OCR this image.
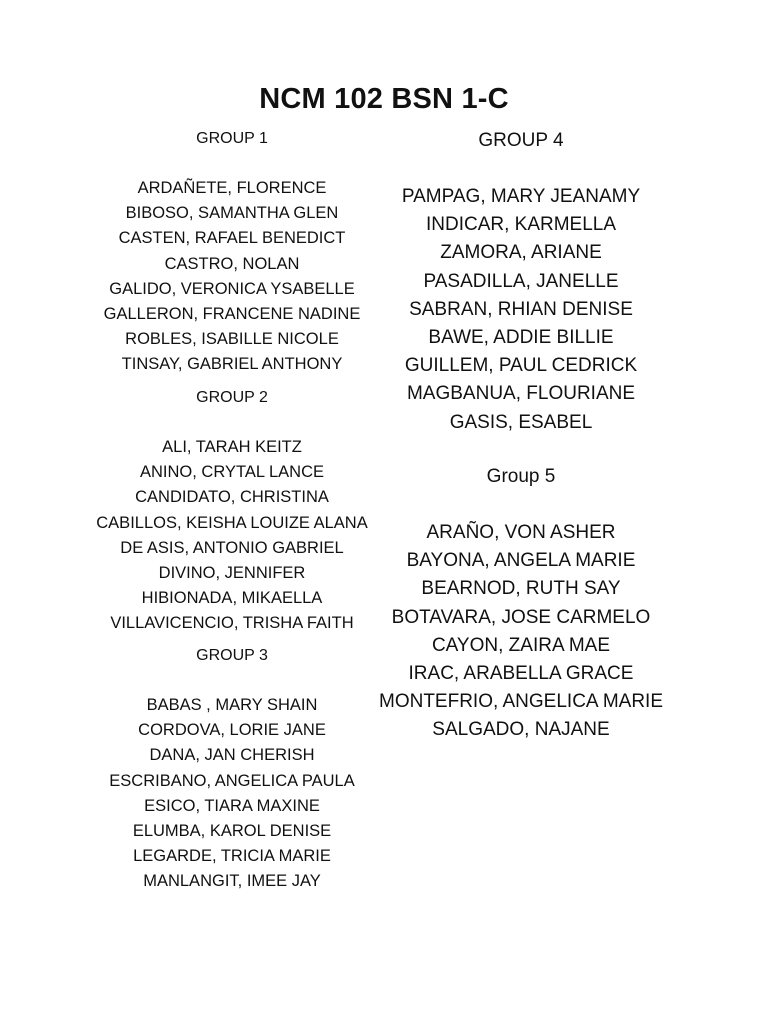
NCM 102 BSN 1-C
GROUP 1
ARDAÑETE, FLORENCE
BIBOSO, SAMANTHA GLEN
CASTEN, RAFAEL BENEDICT
CASTRO, NOLAN
GALIDO, VERONICA YSABELLE
GALLERON, FRANCENE NADINE
ROBLES, ISABILLE NICOLE
TINSAY, GABRIEL ANTHONY
GROUP 2
ALI, TARAH KEITZ
ANINO, CRYTAL LANCE
CANDIDATO, CHRISTINA
CABILLOS, KEISHA LOUIZE ALANA
DE ASIS, ANTONIO GABRIEL
DIVINO, JENNIFER
HIBIONADA, MIKAELLA
VILLAVICENCIO, TRISHA FAITH
GROUP 3
BABAS , MARY SHAIN
CORDOVA, LORIE JANE
DANA, JAN CHERISH
ESCRIBANO, ANGELICA PAULA
ESICO, TIARA MAXINE
ELUMBA, KAROL DENISE
LEGARDE, TRICIA MARIE
MANLANGIT, IMEE JAY
GROUP 4
PAMPAG, MARY JEANAMY
INDICAR, KARMELLA
ZAMORA, ARIANE
PASADILLA, JANELLE
SABRAN, RHIAN DENISE
BAWE, ADDIE BILLIE
GUILLEM, PAUL CEDRICK
MAGBANUA, FLOURIANE
GASIS, ESABEL
Group 5
ARAÑO, VON ASHER
BAYONA, ANGELA MARIE
BEARNOD, RUTH SAY
BOTAVARA, JOSE CARMELO
CAYON, ZAIRA MAE
IRAC, ARABELLA GRACE
MONTEFRIO, ANGELICA MARIE
SALGADO, NAJANE
